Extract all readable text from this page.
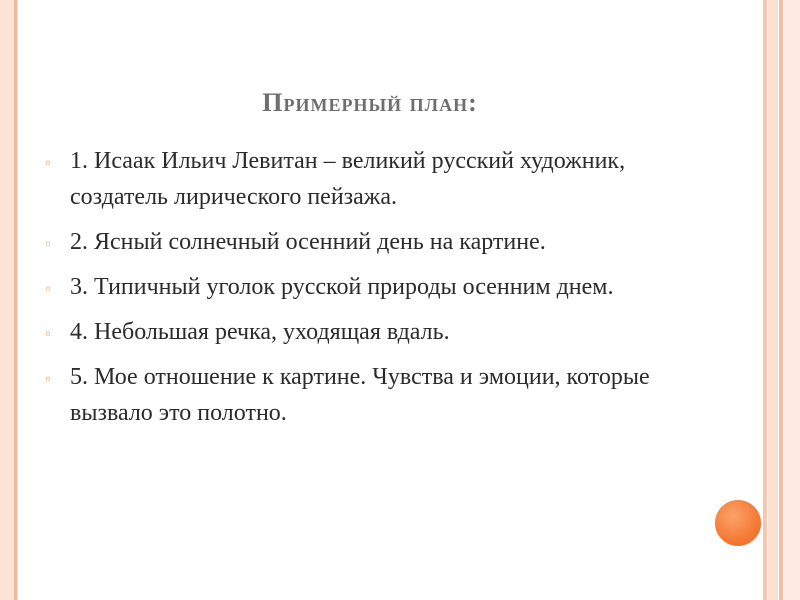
Примерный план:
◦ 1. Исаак Ильич Левитан – великий русский художник, создатель лирического пейзажа.
◦ 2. Ясный солнечный осенний день на картине.
◦ 3. Типичный уголок русской природы осенним днем.
◦ 4. Небольшая речка, уходящая вдаль.
◦ 5. Мое отношение к картине. Чувства и эмоции, которые вызвало это полотно.
